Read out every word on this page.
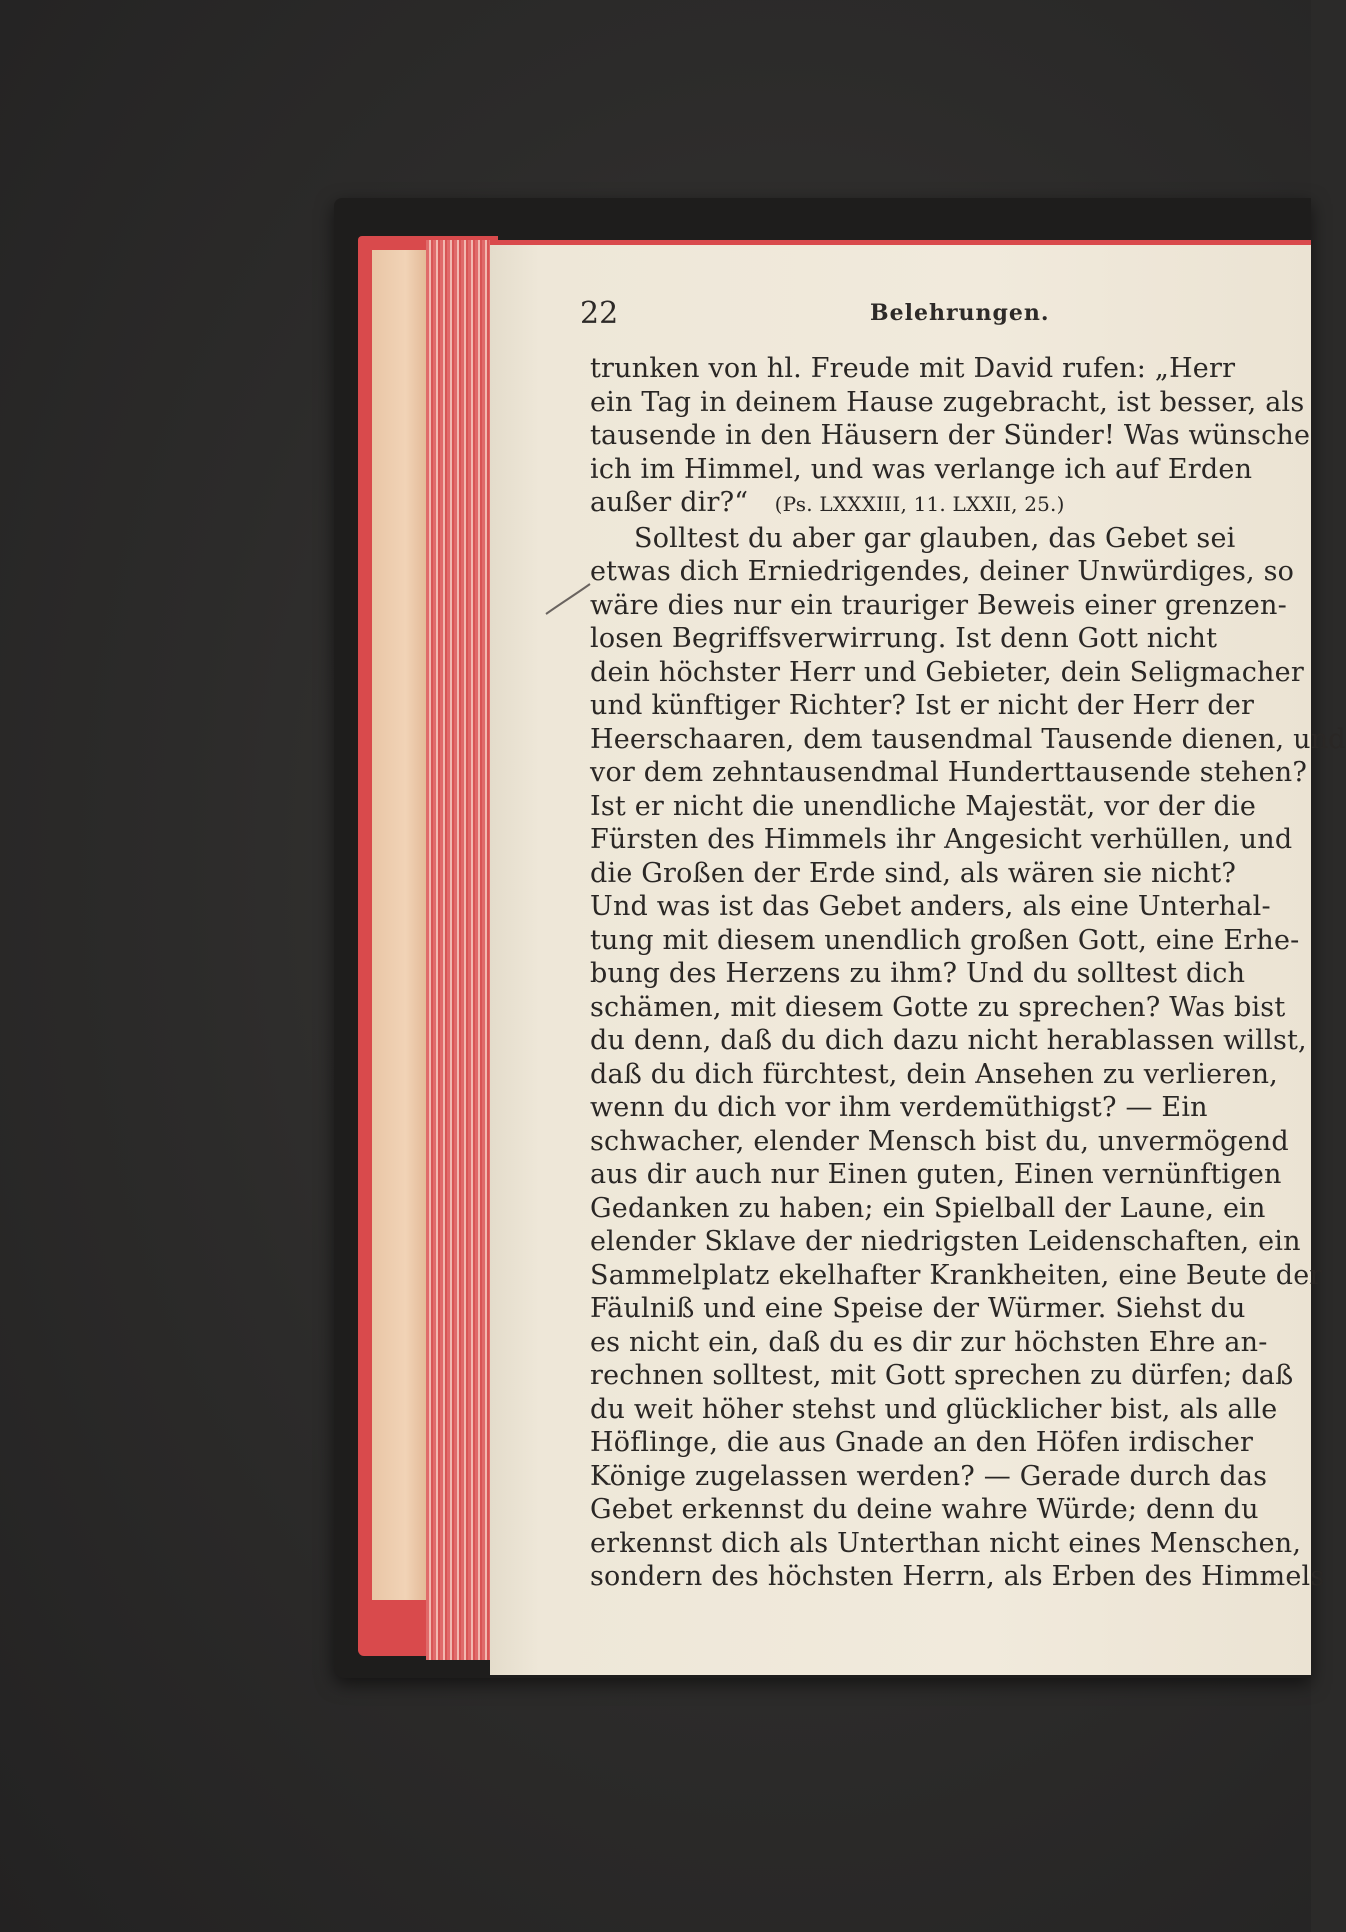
22	Belehrungen.
trunken von hl. Freude mit David rufen: „Herr
ein Tag in deinem Hause zugebracht, ist besser, als
tausende in den Häusern der Sünder! Was wünsche
ich im Himmel, und was verlange ich auf Erden
außer dir?“ (Ps. LXXXIII, 11. LXXII, 25.)
Solltest du aber gar glauben, das Gebet sei
etwas dich Erniedrigendes, deiner Unwürdiges, so
wäre dies nur ein trauriger Beweis einer grenzen-
losen Begriffsverwirrung. Ist denn Gott nicht
dein höchster Herr und Gebieter, dein Seligmacher
und künftiger Richter? Ist er nicht der Herr der
Heerschaaren, dem tausendmal Tausende dienen, und
vor dem zehntausendmal Hunderttausende stehen?
Ist er nicht die unendliche Majestät, vor der die
Fürsten des Himmels ihr Angesicht verhüllen, und
die Großen der Erde sind, als wären sie nicht?
Und was ist das Gebet anders, als eine Unterhal-
tung mit diesem unendlich großen Gott, eine Erhe-
bung des Herzens zu ihm? Und du solltest dich
schämen, mit diesem Gotte zu sprechen? Was bist
du denn, daß du dich dazu nicht herablassen willst,
daß du dich fürchtest, dein Ansehen zu verlieren,
wenn du dich vor ihm verdemüthigst? — Ein
schwacher, elender Mensch bist du, unvermögend
aus dir auch nur Einen guten, Einen vernünftigen
Gedanken zu haben; ein Spielball der Laune, ein
elender Sklave der niedrigsten Leidenschaften, ein
Sammelplatz ekelhafter Krankheiten, eine Beute der
Fäulniß und eine Speise der Würmer. Siehst du
es nicht ein, daß du es dir zur höchsten Ehre an-
rechnen solltest, mit Gott sprechen zu dürfen; daß
du weit höher stehst und glücklicher bist, als alle
Höflinge, die aus Gnade an den Höfen irdischer
Könige zugelassen werden? — Gerade durch das
Gebet erkennst du deine wahre Würde; denn du
erkennst dich als Unterthan nicht eines Menschen,
sondern des höchsten Herrn, als Erben des Himmels
